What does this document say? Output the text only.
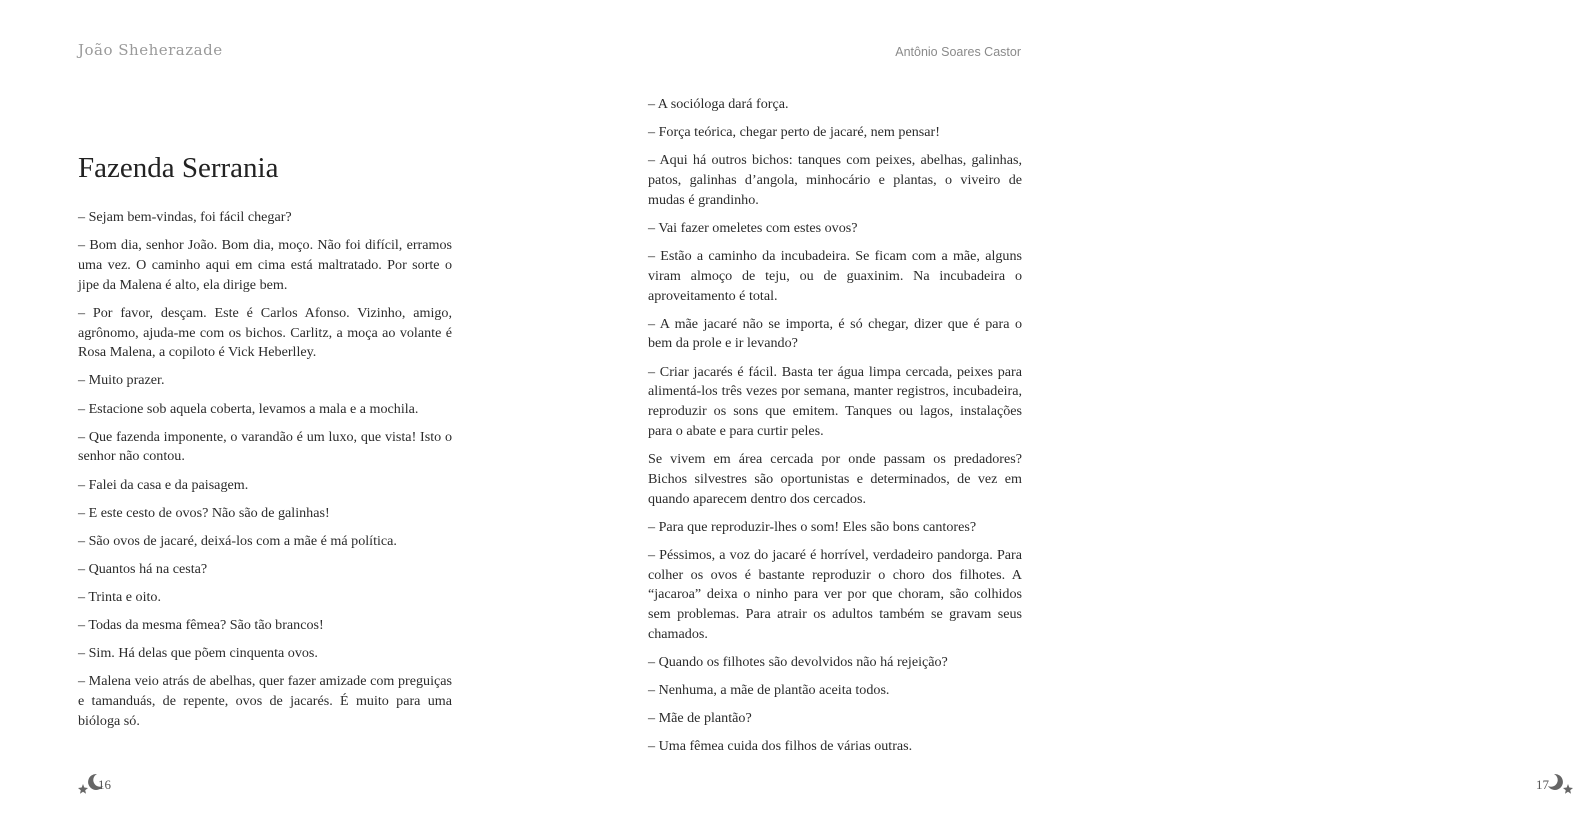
João Sheherazade
Fazenda Serrania

– Sejam bem-vindas, foi fácil chegar?

– Bom dia, senhor João. Bom dia, moço. Não foi difícil, erramos uma vez. O caminho aqui em cima está maltratado. Por sorte o jipe da Malena é alto, ela dirige bem.

– Por favor, desçam. Este é Carlos Afonso. Vizinho, amigo, agrônomo, ajuda-me com os bichos. Carlitz, a moça ao volante é Rosa Malena, a copiloto é Vick Heberlley.

– Muito prazer.

– Estacione sob aquela coberta, levamos a mala e a mochila.

– Que fazenda imponente, o varandão é um luxo, que vista! Isto o senhor não contou.

– Falei da casa e da paisagem.

– E este cesto de ovos? Não são de galinhas!

– São ovos de jacaré, deixá-los com a mãe é má política.

– Quantos há na cesta?

– Trinta e oito.

– Todas da mesma fêmea? São tão brancos!

– Sim. Há delas que põem cinquenta ovos.

– Malena veio atrás de abelhas, quer fazer amizade com preguiças e tamanduás, de repente, ovos de jacarés. É muito para uma bióloga só.

16
Antônio Soares Castor

– A socióloga dará força.

– Força teórica, chegar perto de jacaré, nem pensar!

– Aqui há outros bichos: tanques com peixes, abelhas, galinhas, patos, galinhas d’angola, minhocário e plantas, o viveiro de mudas é grandinho.

– Vai fazer omeletes com estes ovos?

– Estão a caminho da incubadeira. Se ficam com a mãe, alguns viram almoço de teju, ou de guaxinim. Na incubadeira o aproveitamento é total.

– A mãe jacaré não se importa, é só chegar, dizer que é para o bem da prole e ir levando?

– Criar jacarés é fácil. Basta ter água limpa cercada, peixes para alimentá-los três vezes por semana, manter registros, incubadeira, reproduzir os sons que emitem. Tanques ou lagos, instalações para o abate e para curtir peles.

Se vivem em área cercada por onde passam os predadores? Bichos silvestres são oportunistas e determinados, de vez em quando aparecem dentro dos cercados.

– Para que reproduzir-lhes o som! Eles são bons cantores?

– Péssimos, a voz do jacaré é horrível, verdadeiro pandorga. Para colher os ovos é bastante reproduzir o choro dos filhotes. A “jacaroa” deixa o ninho para ver por que choram, são colhidos sem problemas. Para atrair os adultos também se gravam seus chamados.

– Quando os filhotes são devolvidos não há rejeição?

– Nenhuma, a mãe de plantão aceita todos.

– Mãe de plantão?

– Uma fêmea cuida dos filhos de várias outras.

17
